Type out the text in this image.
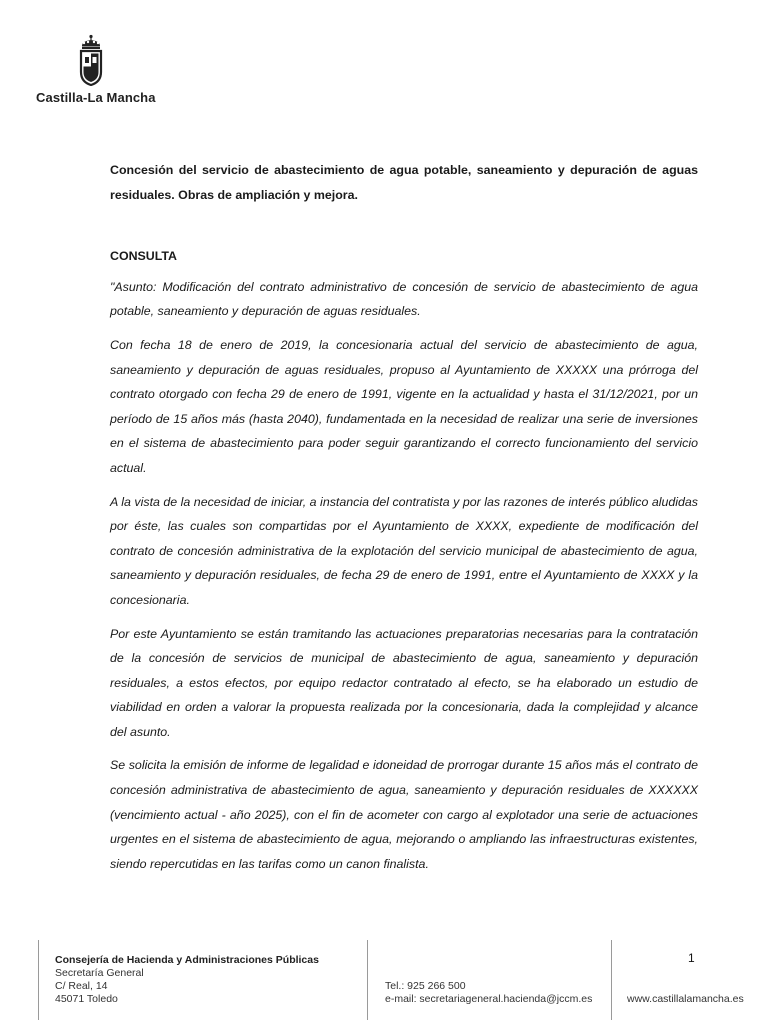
Castilla-La Mancha

Concesión del servicio de abastecimiento de agua potable, saneamiento y depuración de aguas residuales. Obras de ampliación y mejora.

CONSULTA

"Asunto: Modificación del contrato administrativo de concesión de servicio de abastecimiento de agua potable, saneamiento y depuración de aguas residuales.

Con fecha 18 de enero de 2019, la concesionaria actual del servicio de abastecimiento de agua, saneamiento y depuración de aguas residuales, propuso al Ayuntamiento de XXXXX una prórroga del contrato otorgado con fecha 29 de enero de 1991, vigente en la actualidad y hasta el 31/12/2021, por un período de 15 años más (hasta 2040), fundamentada en la necesidad de realizar una serie de inversiones en el sistema de abastecimiento para poder seguir garantizando el correcto funcionamiento del servicio actual.

A la vista de la necesidad de iniciar, a instancia del contratista y por las razones de interés público aludidas por éste, las cuales son compartidas por el Ayuntamiento de XXXX, expediente de modificación del contrato de concesión administrativa de la explotación del servicio municipal de abastecimiento de agua, saneamiento y depuración residuales, de fecha 29 de enero de 1991, entre el Ayuntamiento de XXXX y la concesionaria.

Por este Ayuntamiento se están tramitando las actuaciones preparatorias necesarias para la contratación de la concesión de servicios de municipal de abastecimiento de agua, saneamiento y depuración residuales, a estos efectos, por equipo redactor contratado al efecto, se ha elaborado un estudio de viabilidad en orden a valorar la propuesta realizada por la concesionaria, dada la complejidad y alcance del asunto.

Se solicita la emisión de informe de legalidad e idoneidad de prorrogar durante 15 años más el contrato de concesión administrativa de abastecimiento de agua, saneamiento y depuración residuales de XXXXXX (vencimiento actual - año 2025), con el fin de acometer con cargo al explotador una serie de actuaciones urgentes en el sistema de abastecimiento de agua, mejorando o ampliando las infraestructuras existentes, siendo repercutidas en las tarifas como un canon finalista.

1
Consejería de Hacienda y Administraciones Públicas
Secretaría General
C/ Real, 14
45071 Toledo
Tel.: 925 266 500
e-mail: secretariageneral.hacienda@jccm.es	www.castillalamancha.es
